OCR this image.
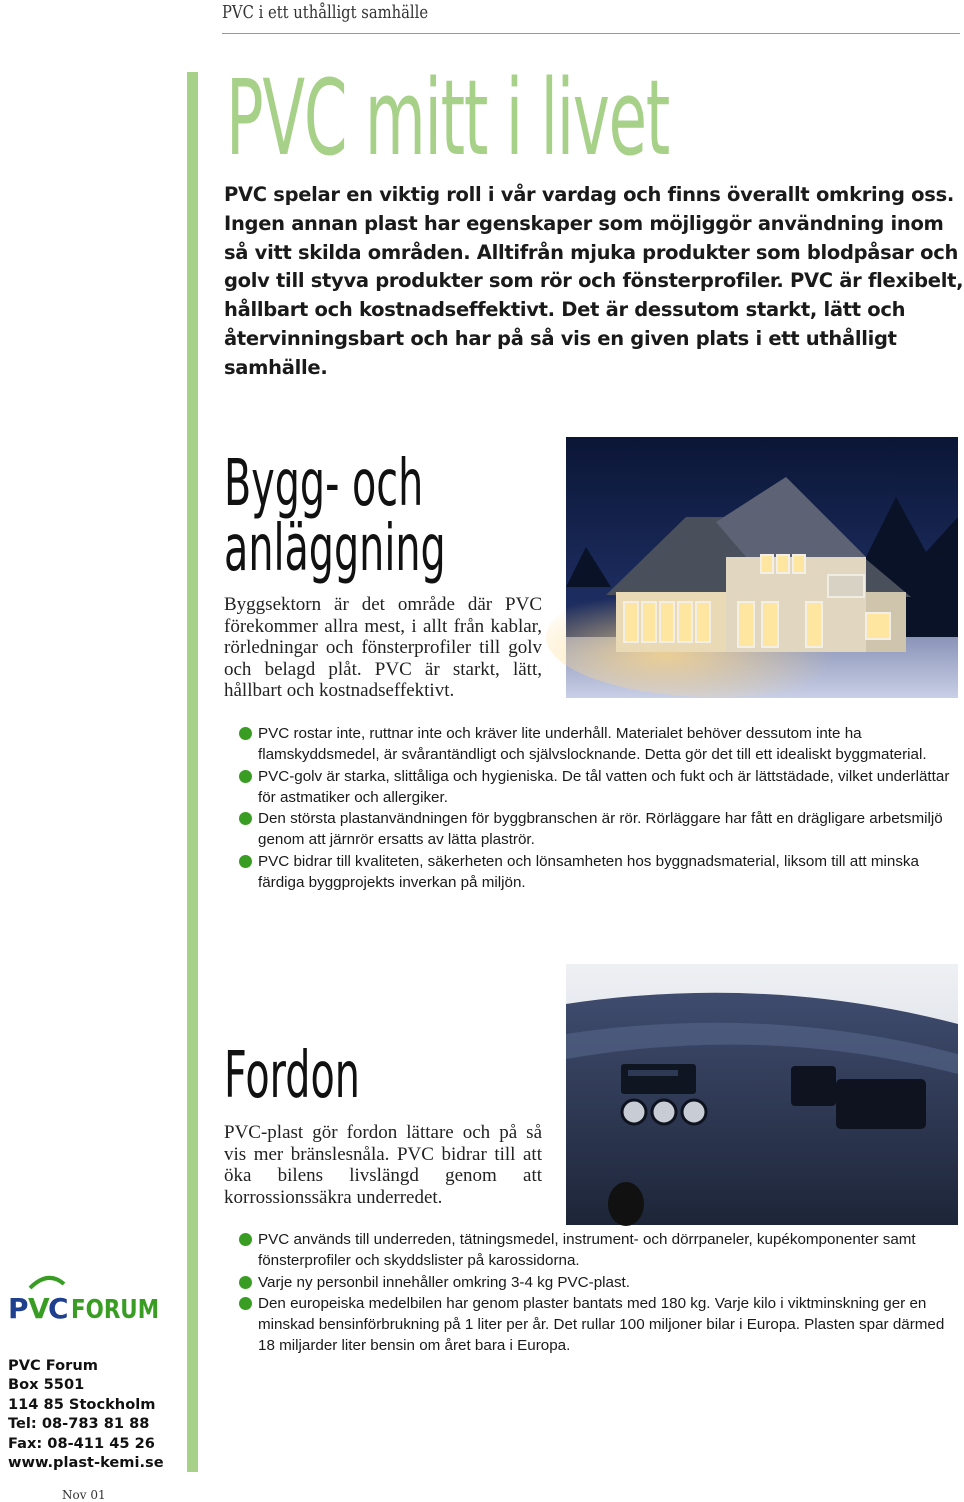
PVC i ett uthålligt samhälle
PVC mitt i livet
PVC spelar en viktig roll i vår vardag och finns överallt omkring oss. Ingen annan plast har egenskaper som möjliggör användning inom så vitt skilda områden. Alltifrån mjuka produkter som blodpåsar och golv till styva produkter som rör och fönsterprofiler. PVC är flexibelt, hållbart och kostnadseffektivt. Det är dessutom starkt, lätt och återvinningsbart och har på så vis en given plats i ett uthålligt samhälle.
Bygg- och
anläggning
Byggsektorn är det område där PVC förekommer allra mest, i allt från kablar, rörledningar och fönsterprofiler till golv och belagd plåt. PVC är starkt, lätt, hållbart och kostnadseffektivt.
PVC rostar inte, ruttnar inte och kräver lite underhåll. Materialet behöver dessutom inte ha flamskyddsmedel, är svårantändligt och självslocknande. Detta gör det till ett idealiskt byggmaterial.
PVC-golv är starka, slittåliga och hygieniska. De tål vatten och fukt och är lättstädade, vilket underlättar för astmatiker och allergiker.
Den största plastanvändningen för byggbranschen är rör. Rörläggare har fått en drägligare arbetsmiljö genom att järnrör ersatts av lätta plaströr.
PVC bidrar till kvaliteten, säkerheten och lönsamheten hos byggnadsmaterial, liksom till att minska färdiga byggprojekts inverkan på miljön.
Fordon
PVC-plast gör fordon lättare och på så vis mer bränslesnåla. PVC bidrar till att öka bilens livslängd genom att korrossionssäkra underredet.
PVC används till underreden, tätningsmedel, instrument- och dörrpaneler, kupékomponenter samt fönsterprofiler och skyddslister på karossidorna.
Varje ny personbil innehåller omkring 3-4 kg PVC-plast.
Den europeiska medelbilen har genom plaster bantats med 180 kg. Varje kilo i viktminskning ger en minskad bensinförbrukning på 1 liter per år. Det rullar 100 miljoner bilar i Europa. Plasten spar därmed 18 miljarder liter bensin om året bara i Europa.
P V
C FORUM
PVC Forum
Box 5501
114 85 Stockholm
Tel: 08-783 81 88
Fax: 08-411 45 26
www.plast-kemi.se
Nov 01
